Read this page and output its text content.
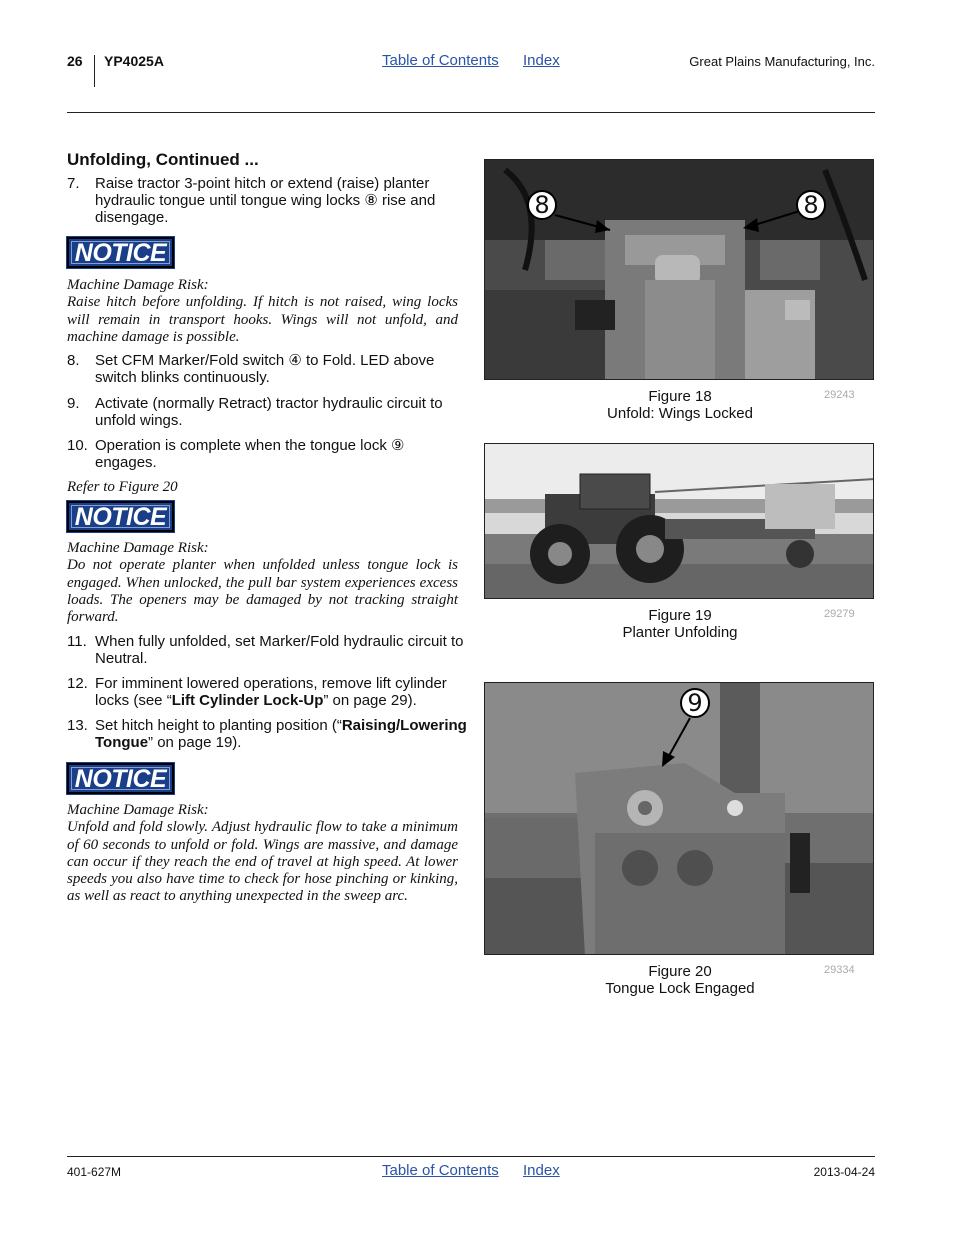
26 YP4025A	Table of Contents Index	Great Plains Manufacturing, Inc.
Unfolding, Continued ...
7. Raise tractor 3-point hitch or extend (raise) planter hydraulic tongue until tongue wing locks ⑧ rise and disengage.
NOTICE
Machine Damage Risk:
Raise hitch before unfolding. If hitch is not raised, wing locks will remain in transport hooks. Wings will not unfold, and machine damage is possible.
8. Set CFM Marker/Fold switch ④ to Fold. LED above switch blinks continuously.
9. Activate (normally Retract) tractor hydraulic circuit to unfold wings.
10. Operation is complete when the tongue lock ⑨ engages.
Refer to Figure 20
NOTICE
Machine Damage Risk:
Do not operate planter when unfolded unless tongue lock is engaged. When unlocked, the pull bar system experiences excess loads. The openers may be damaged by not tracking straight forward.
11. When fully unfolded, set Marker/Fold hydraulic circuit to Neutral.
12. For imminent lowered operations, remove lift cylinder locks (see “Lift Cylinder Lock-Up” on page 29).
13. Set hitch height to planting position (“Raising/Lowering Tongue” on page 19).
NOTICE
Machine Damage Risk:
Unfold and fold slowly. Adjust hydraulic flow to take a minimum of 60 seconds to unfold or fold. Wings are massive, and damage can occur if they reach the end of travel at high speed. At lower speeds you also have time to check for hose pinching or kinking, as well as react to anything unexpected in the sweep arc.
8	8
Figure 18
Unfold: Wings Locked
29243
Figure 19
Planter Unfolding
29279
9
Figure 20
Tongue Lock Engaged
29334
401-627M	Table of Contents Index	2013-04-24
